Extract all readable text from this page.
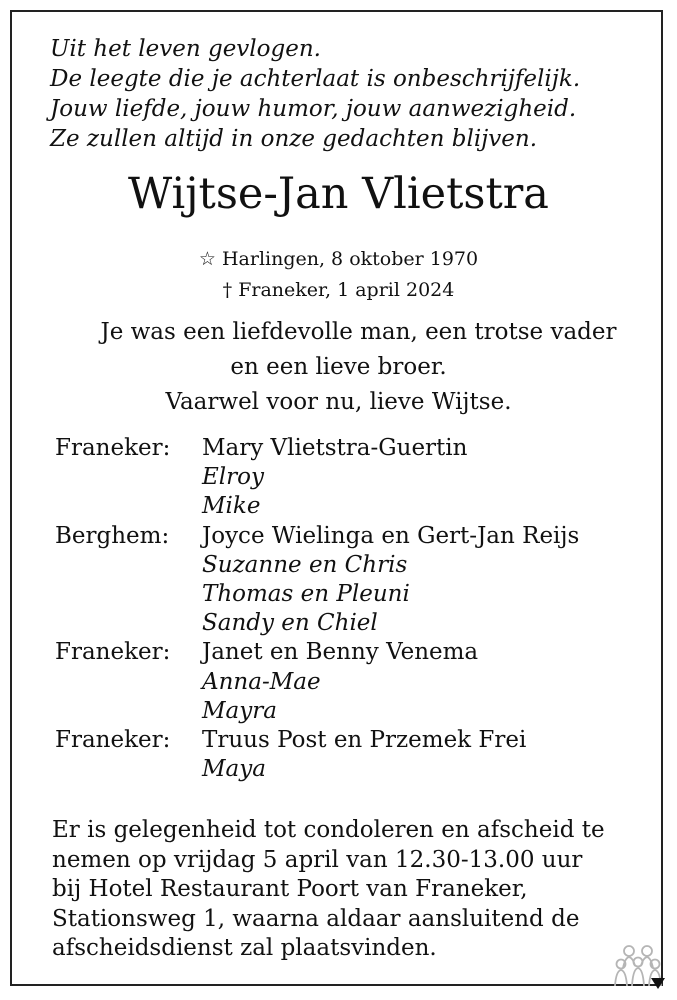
Uit het leven gevlogen.
De leegte die je achterlaat is onbeschrijfelijk.
Jouw liefde, jouw humor, jouw aanwezigheid.
Ze zullen altijd in onze gedachten blijven.
Wijtse-Jan Vlietstra
☆ Harlingen, 8 oktober 1970
† Franeker, 1 april 2024
Je was een liefdevolle man, een trotse vader
en een lieve broer.
Vaarwel voor nu, lieve Wijtse.
Franeker: Mary Vlietstra-Guertin
Elroy
Mike
Berghem: Joyce Wielinga en Gert-Jan Reijs
Suzanne en Chris
Thomas en Pleuni
Sandy en Chiel
Franeker: Janet en Benny Venema
Anna-Mae
Mayra
Franeker: Truus Post en Przemek Frei
Maya
Er is gelegenheid tot condoleren en afscheid te
nemen op vrijdag 5 april van 12.30-13.00 uur
bij Hotel Restaurant Poort van Franeker,
Stationsweg 1, waarna aldaar aansluitend de
afscheidsdienst zal plaatsvinden.
